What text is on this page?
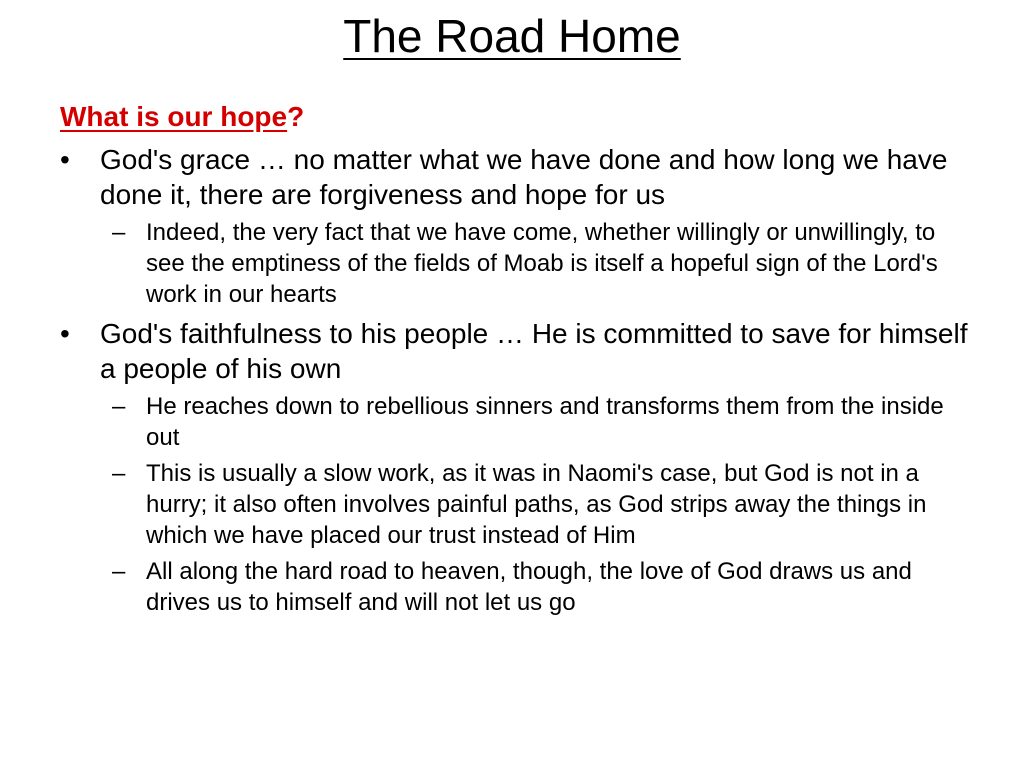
The Road Home
What is our hope?
•	God's grace … no matter what we have done and how long we have done it, there are forgiveness and hope for us
– Indeed, the very fact that we have come, whether willingly or unwillingly, to see the emptiness of the fields of Moab is itself a hopeful sign of the Lord's work in our hearts
•	God's faithfulness to his people … He is committed to save for himself a people of his own
– He reaches down to rebellious sinners and transforms them from the inside out
– This is usually a slow work, as it was in Naomi's case, but God is not in a hurry; it also often involves painful paths, as God strips away the things in which we have placed our trust instead of Him
– All along the hard road to heaven, though, the love of God draws us and drives us to himself and will not let us go
